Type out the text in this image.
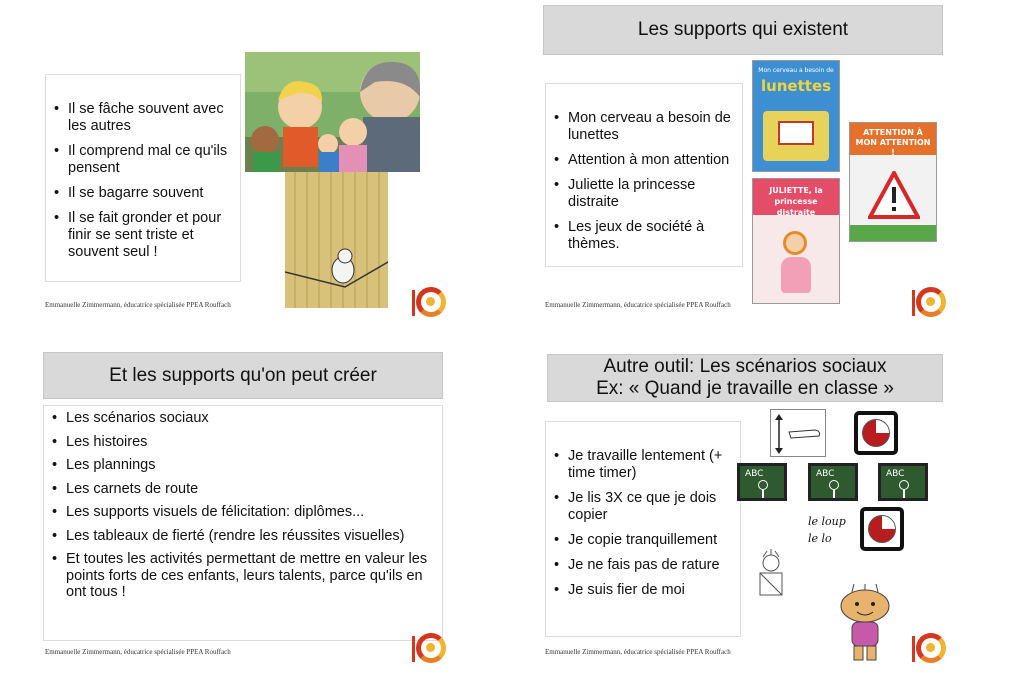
• Il se fâche souvent avec les autres
• Il comprend mal ce qu'ils pensent
• Il se bagarre souvent
• Il se fait gronder et pour finir se sent triste et souvent seul !
Emmanuelle Zimmermann, éducatrice spécialisée PPEA Rouffach
Les supports qui existent
• Mon cerveau a besoin de lunettes
• Attention à mon attention
• Juliette la princesse distraite
• Les jeux de société à thèmes.
Mon cerveau a besoin de
lunettes
ATTENTION À MON ATTENTION !
JULIETTE, la princesse distraite
Emmanuelle Zimmermann, éducatrice spécialisée PPEA Rouffach
Et les supports qu'on peut créer
• Les scénarios sociaux
• Les histoires
• Les plannings
• Les carnets de route
• Les supports visuels de félicitation: diplômes...
• Les tableaux de fierté (rendre les réussites visuelles)
• Et toutes les activités permettant de mettre en valeur les points forts de ces enfants, leurs talents, parce qu'ils en ont tous !
Emmanuelle Zimmermann, éducatrice spécialisée PPEA Rouffach
Autre outil: Les scénarios sociaux
Ex: « Quand je travaille en classe »
• Je travaille lentement (+ time timer)
• Je lis 3X ce que je dois copier
• Je copie tranquillement
• Je ne fais pas de rature
• Je suis fier de moi
ABC	ABC	ABC
le loup
le lo
Emmanuelle Zimmermann, éducatrice spécialisée PPEA Rouffach
